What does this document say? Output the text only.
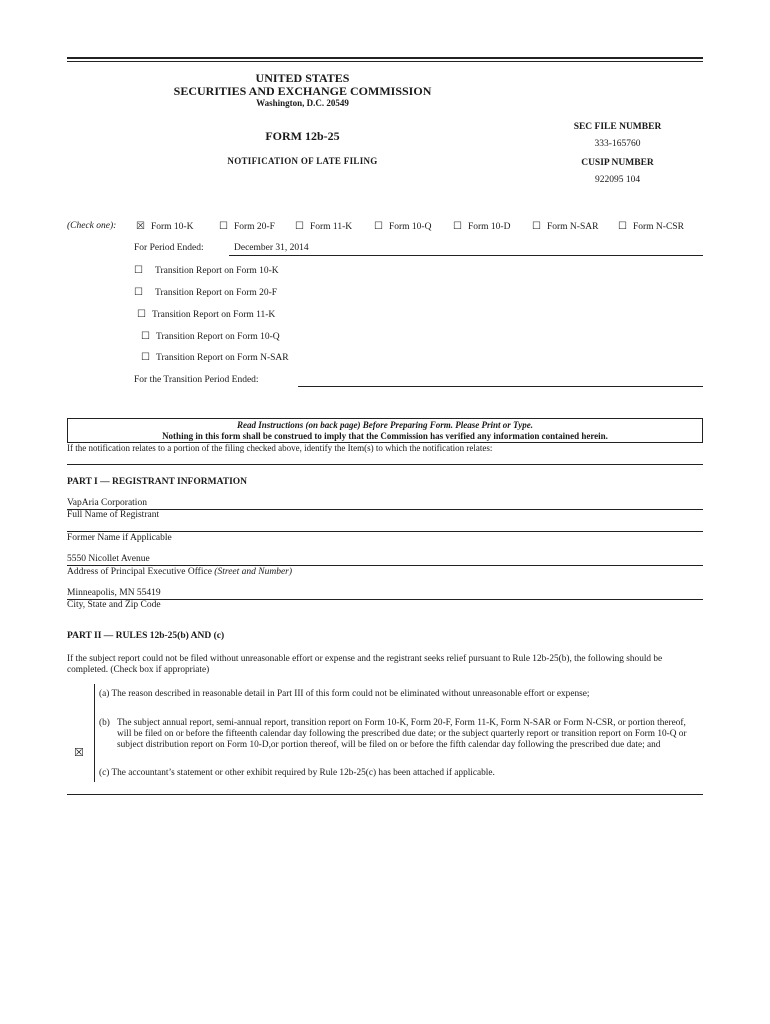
UNITED STATES
SECURITIES AND EXCHANGE COMMISSION
Washington, D.C. 20549
FORM 12b-25
NOTIFICATION OF LATE FILING
SEC FILE NUMBER
333-165760
CUSIP NUMBER
922095 104
(Check one): ☒ Form 10-K	☐ Form 20-F ☐ Form 11-K ☐ Form 10-Q ☐ Form 10-D ☐ Form N-SAR ☐ Form N-CSR
For Period Ended:	December 31, 2014
☐ Transition Report on Form 10-K
☐ Transition Report on Form 20-F
☐ Transition Report on Form 11-K
☐ Transition Report on Form 10-Q
☐ Transition Report on Form N-SAR
For the Transition Period Ended:
Read Instructions (on back page) Before Preparing Form. Please Print or Type.
Nothing in this form shall be construed to imply that the Commission has verified any information contained herein.
If the notification relates to a portion of the filing checked above, identify the Item(s) to which the notification relates:
PART I — REGISTRANT INFORMATION
VapAria Corporation
Full Name of Registrant
Former Name if Applicable
5550 Nicollet Avenue
Address of Principal Executive Office (Street and Number)
Minneapolis, MN 55419
City, State and Zip Code
PART II — RULES 12b-25(b) AND (c)
If the subject report could not be filed without unreasonable effort or expense and the registrant seeks relief pursuant to Rule 12b-25(b), the following should be completed. (Check box if appropriate)
☒
(a) The reason described in reasonable detail in Part III of this form could not be eliminated without unreasonable effort or expense;
(b) The subject annual report, semi-annual report, transition report on Form 10-K, Form 20-F, Form 11-K, Form N-SAR or Form N-CSR, or portion thereof, will be filed on or before the fifteenth calendar day following the prescribed due date; or the subject quarterly report or transition report on Form 10-Q or subject distribution report on Form 10-D,or portion thereof, will be filed on or before the fifth calendar day following the prescribed due date; and
(c) The accountant’s statement or other exhibit required by Rule 12b-25(c) has been attached if applicable.
